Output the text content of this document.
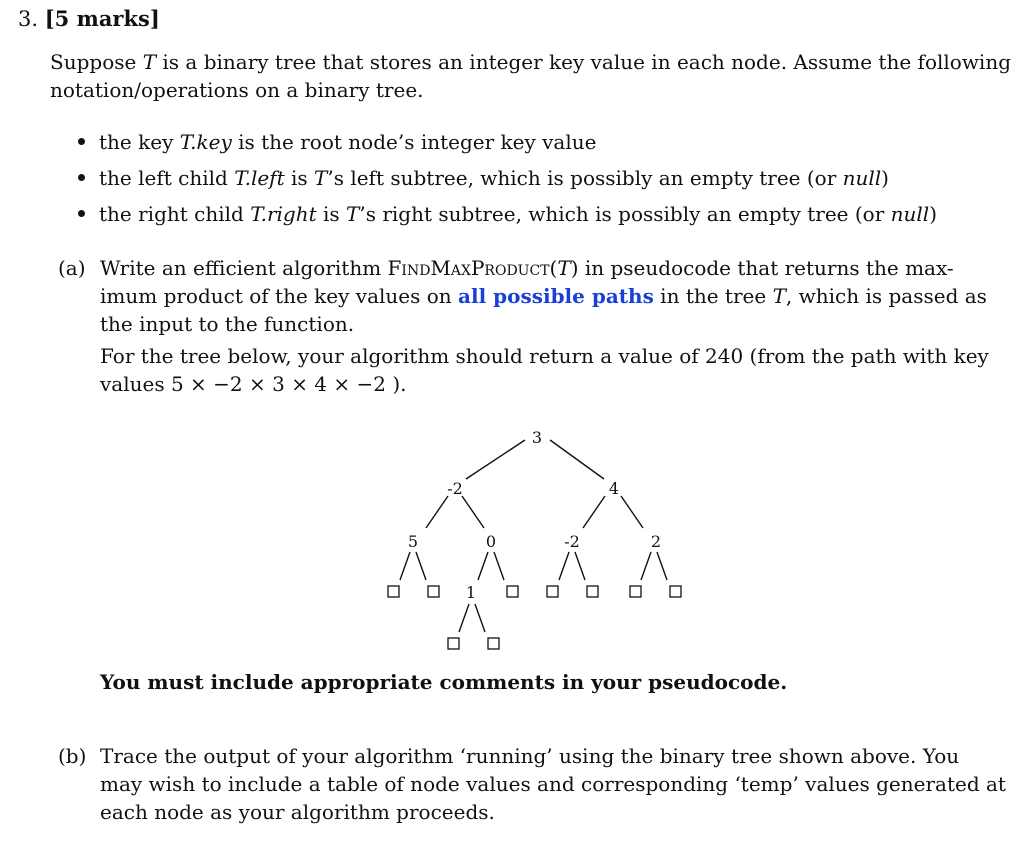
3. [5 marks]
Suppose T is a binary tree that stores an integer key value in each node. Assume the following
notation/operations on a binary tree.
the key T.key is the root node’s integer key value
the left child T.left is T’s left subtree, which is possibly an empty tree (or null)
the right child T.right is T’s right subtree, which is possibly an empty tree (or null)
(a) Write an efficient algorithm FindMaxProduct(T) in pseudocode that returns the max-
imum product of the key values on all possible paths in the tree T, which is passed as
the input to the function.
For the tree below, your algorithm should return a value of 240 (from the path with key
values 5 × −2 × 3 × 4 × −2 ).
3
-2	4
5	0	-2	2
1
You must include appropriate comments in your pseudocode.
(b) Trace the output of your algorithm ‘running’ using the binary tree shown above. You
may wish to include a table of node values and corresponding ‘temp’ values generated at
each node as your algorithm proceeds.
